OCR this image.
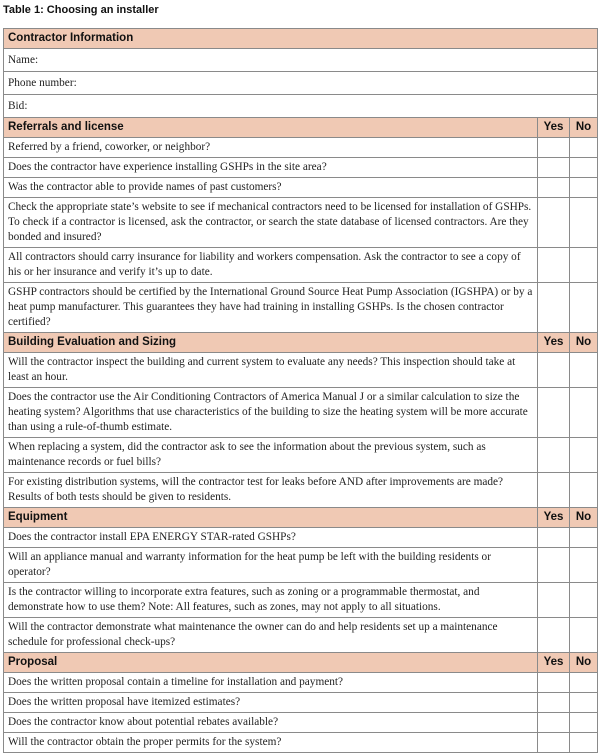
Table 1: Choosing an installer
Contractor Information		
Name:		
Phone number:		
Bid:		
Referrals and license	Yes	No
Referred by a friend, coworker, or neighbor?		
Does the contractor have experience installing GSHPs in the site area?		
Was the contractor able to provide names of past customers?		
Check the appropriate state’s website to see if mechanical contractors need to be licensed for installation of GSHPs. To check if a contractor is licensed, ask the contractor, or search the state database of licensed contractors. Are they bonded and insured?		
All contractors should carry insurance for liability and workers compensation. Ask the contractor to see a copy of his or her insurance and verify it’s up to date.		
GSHP contractors should be certified by the International Ground Source Heat Pump Association (IGSHPA) or by a heat pump manufacturer. This guarantees they have had training in installing GSHPs. Is the chosen contractor certified?		
Building Evaluation and Sizing	Yes	No
Will the contractor inspect the building and current system to evaluate any needs? This inspection should take at least an hour.		
Does the contractor use the Air Conditioning Contractors of America Manual J or a similar calculation to size the heating system? Algorithms that use characteristics of the building to size the heating system will be more accurate than using a rule-of-thumb estimate.		
When replacing a system, did the contractor ask to see the information about the previous system, such as maintenance records or fuel bills?		
For existing distribution systems, will the contractor test for leaks before AND after improvements are made? Results of both tests should be given to residents.		
Equipment	Yes	No
Does the contractor install EPA ENERGY STAR-rated GSHPs?		
Will an appliance manual and warranty information for the heat pump be left with the building residents or operator?		
Is the contractor willing to incorporate extra features, such as zoning or a programmable thermostat, and demonstrate how to use them? Note: All features, such as zones, may not apply to all situations.		
Will the contractor demonstrate what maintenance the owner can do and help residents set up a maintenance schedule for professional check-ups?		
Proposal	Yes	No
Does the written proposal contain a timeline for installation and payment?		
Does the written proposal have itemized estimates?		
Does the contractor know about potential rebates available?		
Will the contractor obtain the proper permits for the system?		
